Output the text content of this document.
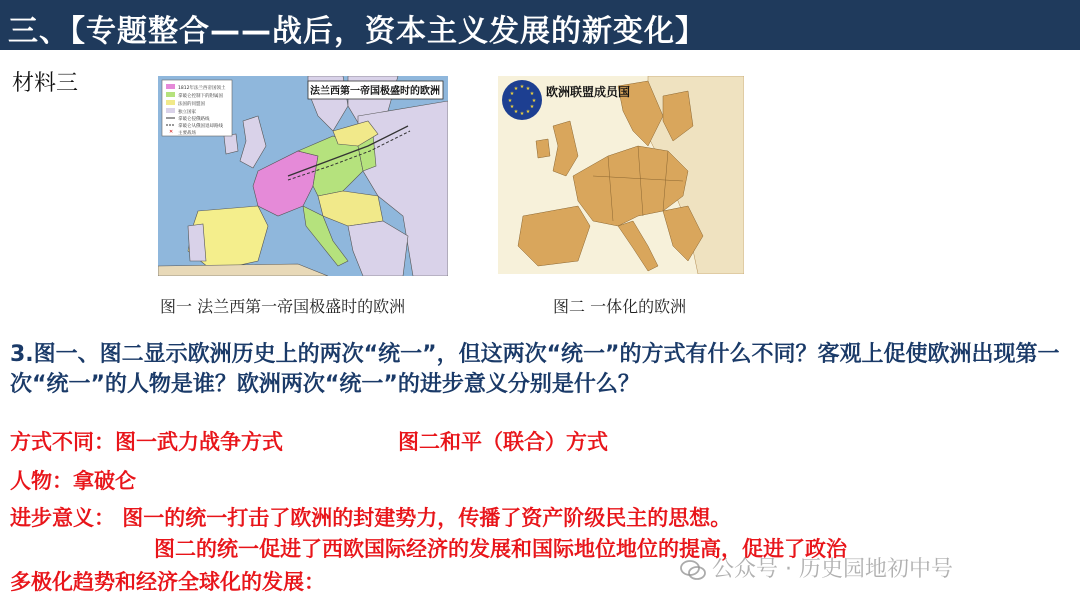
三、【专题整合——战后，资本主义发展的新变化】
材料三
✕
1812年法兰西帝国领土
拿破仑控制下的附属国
法国的同盟国
独立国家
拿破仑侵俄路线
拿破仑从俄国退却路线
主要战场
法兰西第一帝国极盛时的欧洲	★ ★
★
★
★
★
★
★
★
★
★
★ 欧洲联盟成员国
图一 法兰西第一帝国极盛时的欧洲	图二 一体化的欧洲
3.图一、图二显示欧洲历史上的两次“统一”，但这两次“统一”的方式有什么不同？客观上促使欧洲出现第一次“统一”的人物是谁？欧洲两次“统一”的进步意义分别是什么？
方式不同：图一武力战争方式	图二和平（联合）方式
人物：拿破仑
进步意义： 图一的统一打击了欧洲的封建势力，传播了资产阶级民主的思想。
图二的统一促进了西欧国际经济的发展和国际地位地位的提高，促进了政治
多极化趋势和经济全球化的发展：	公众号 · 历史园地初中号
